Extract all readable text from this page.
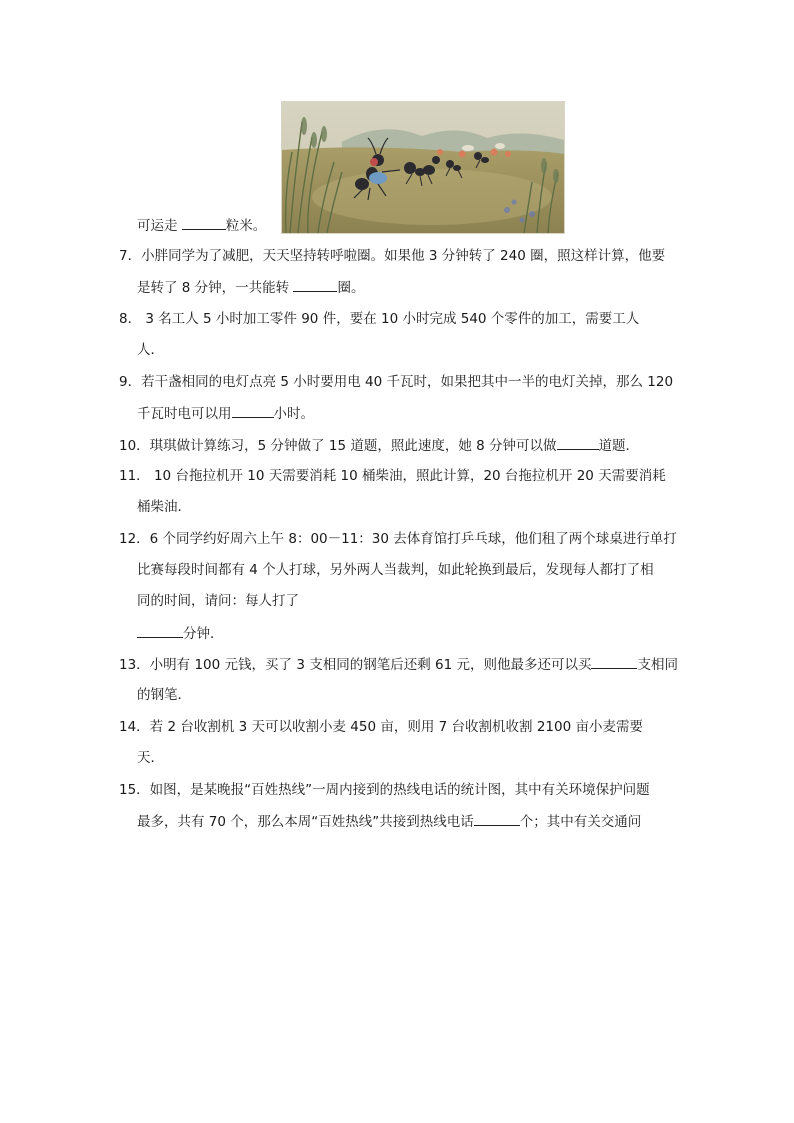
可运走	粒米。
7．小胖同学为了减肥，天天坚持转呼啦圈。如果他 3 分钟转了 240 圈，照这样计算，他要
是转了 8 分钟，一共能转	圈。
8． 3 名工人 5 小时加工零件 90 件，要在 10 小时完成 540 个零件的加工，需要工人
人．
9．若干盏相同的电灯点亮 5 小时要用电 40 千瓦时，如果把其中一半的电灯关掉，那么 120
千瓦时电可以用	小时。
10．琪琪做计算练习，5 分钟做了 15 道题，照此速度，她 8 分钟可以做	道题．
11． 10 台拖拉机开 10 天需要消耗 10 桶柴油，照此计算，20 台拖拉机开 20 天需要消耗
桶柴油．
12．6 个同学约好周六上午 8：00－11：30 去体育馆打乒乓球，他们租了两个球桌进行单打
比赛每段时间都有 4 个人打球，另外两人当裁判，如此轮换到最后，发现每人都打了相
同的时间，请问：每人打了
分钟．
13．小明有 100 元钱，买了 3 支相同的钢笔后还剩 61 元，则他最多还可以买	支相同
的钢笔．
14．若 2 台收割机 3 天可以收割小麦 450 亩，则用 7 台收割机收割 2100 亩小麦需要
天．
15．如图，是某晚报“百姓热线”一周内接到的热线电话的统计图，其中有关环境保护问题
最多，共有 70 个，那么本周“百姓热线”共接到热线电话	个；其中有关交通问
